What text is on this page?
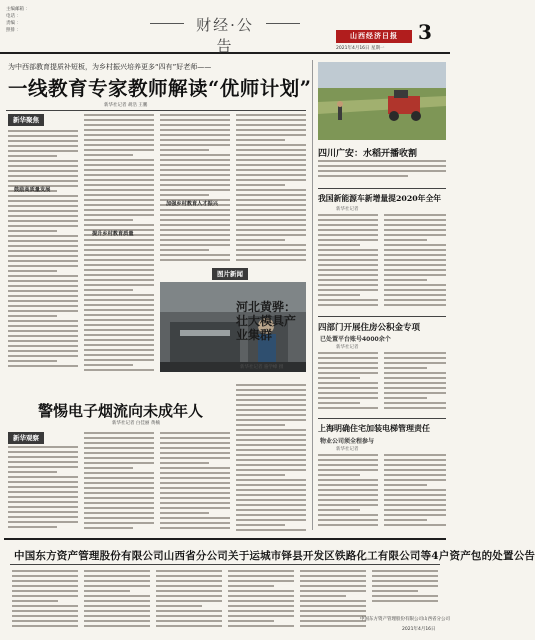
主编邮箱 ：
电话 ：
责编 ：
照排 ：	财经·公告
山西经济日报	3
2021年4月16日 星期一
为中西部教育提质补短板，为乡村振兴培养更多“四有”好老师——
一线教育专家教师解读“优师计划”
新华社记者 胡浩 王鹏
新华聚焦
鼓励高质量发展
提升乡村教育质量
加强乡村教育人才振兴
图片新闻
河北黄骅：
壮大模具产业集群
新华社记者 骆学峰 摄
警惕电子烟流向未成年人
新华社记者 白佳丽 黄楠
新华观察
四川广安：水稻开播收割
我国新能源车新增量提2020年全年
新华社记者
四部门开展住房公积金专项
已处置平台账号4000余个
新华社记者
上海明确住宅加装电梯管理责任
物业公司须全程参与
新华社记者
中国东方资产管理股份有限公司山西省分公司关于运城市铎县开发区铁路化工有限公司等4户资产包的处置公告
中国东方资产管理股份有限公司山西省分公司
2021年4月16日
